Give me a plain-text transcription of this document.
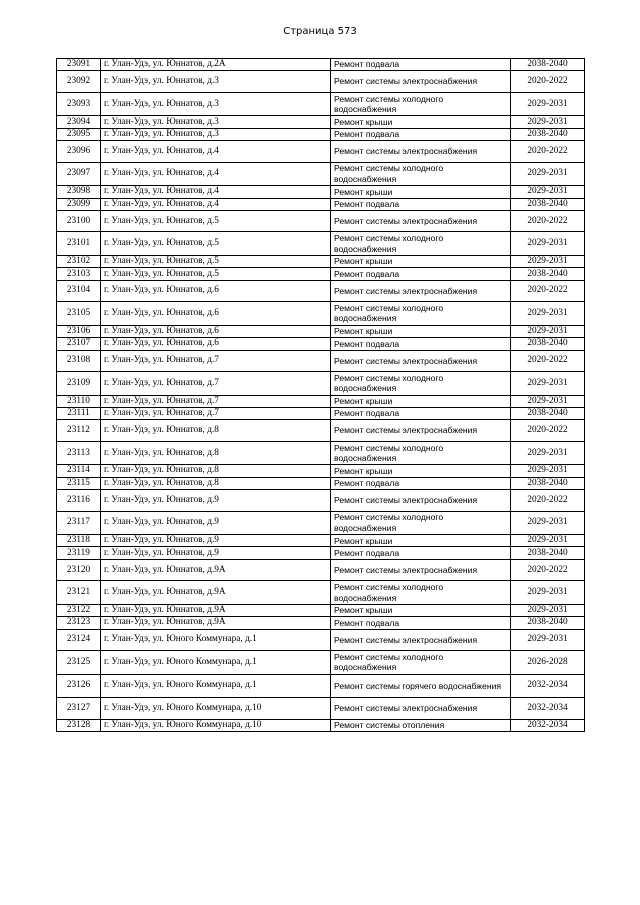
Страница 573
23091	г. Улан-Удэ, ул. Юннатов, д.2А	Ремонт подвала	2038-2040
23092	г. Улан-Удэ, ул. Юннатов, д.3	Ремонт системы электроснабжения	2020-2022
23093	г. Улан-Удэ, ул. Юннатов, д.3	Ремонт системы холодного водоснабжения	2029-2031
23094	г. Улан-Удэ, ул. Юннатов, д.3	Ремонт крыши	2029-2031
23095	г. Улан-Удэ, ул. Юннатов, д.3	Ремонт подвала	2038-2040
23096	г. Улан-Удэ, ул. Юннатов, д.4	Ремонт системы электроснабжения	2020-2022
23097	г. Улан-Удэ, ул. Юннатов, д.4	Ремонт системы холодного водоснабжения	2029-2031
23098	г. Улан-Удэ, ул. Юннатов, д.4	Ремонт крыши	2029-2031
23099	г. Улан-Удэ, ул. Юннатов, д.4	Ремонт подвала	2038-2040
23100	г. Улан-Удэ, ул. Юннатов, д.5	Ремонт системы электроснабжения	2020-2022
23101	г. Улан-Удэ, ул. Юннатов, д.5	Ремонт системы холодного водоснабжения	2029-2031
23102	г. Улан-Удэ, ул. Юннатов, д.5	Ремонт крыши	2029-2031
23103	г. Улан-Удэ, ул. Юннатов, д.5	Ремонт подвала	2038-2040
23104	г. Улан-Удэ, ул. Юннатов, д.6	Ремонт системы электроснабжения	2020-2022
23105	г. Улан-Удэ, ул. Юннатов, д.6	Ремонт системы холодного водоснабжения	2029-2031
23106	г. Улан-Удэ, ул. Юннатов, д.6	Ремонт крыши	2029-2031
23107	г. Улан-Удэ, ул. Юннатов, д.6	Ремонт подвала	2038-2040
23108	г. Улан-Удэ, ул. Юннатов, д.7	Ремонт системы электроснабжения	2020-2022
23109	г. Улан-Удэ, ул. Юннатов, д.7	Ремонт системы холодного водоснабжения	2029-2031
23110	г. Улан-Удэ, ул. Юннатов, д.7	Ремонт крыши	2029-2031
23111	г. Улан-Удэ, ул. Юннатов, д.7	Ремонт подвала	2038-2040
23112	г. Улан-Удэ, ул. Юннатов, д.8	Ремонт системы электроснабжения	2020-2022
23113	г. Улан-Удэ, ул. Юннатов, д.8	Ремонт системы холодного водоснабжения	2029-2031
23114	г. Улан-Удэ, ул. Юннатов, д.8	Ремонт крыши	2029-2031
23115	г. Улан-Удэ, ул. Юннатов, д.8	Ремонт подвала	2038-2040
23116	г. Улан-Удэ, ул. Юннатов, д.9	Ремонт системы электроснабжения	2020-2022
23117	г. Улан-Удэ, ул. Юннатов, д.9	Ремонт системы холодного водоснабжения	2029-2031
23118	г. Улан-Удэ, ул. Юннатов, д.9	Ремонт крыши	2029-2031
23119	г. Улан-Удэ, ул. Юннатов, д.9	Ремонт подвала	2038-2040
23120	г. Улан-Удэ, ул. Юннатов, д.9А	Ремонт системы электроснабжения	2020-2022
23121	г. Улан-Удэ, ул. Юннатов, д.9А	Ремонт системы холодного водоснабжения	2029-2031
23122	г. Улан-Удэ, ул. Юннатов, д.9А	Ремонт крыши	2029-2031
23123	г. Улан-Удэ, ул. Юннатов, д.9А	Ремонт подвала	2038-2040
23124	г. Улан-Удэ, ул. Юного Коммунара, д.1	Ремонт системы электроснабжения	2029-2031
23125	г. Улан-Удэ, ул. Юного Коммунара, д.1	Ремонт системы холодного водоснабжения	2026-2028
23126	г. Улан-Удэ, ул. Юного Коммунара, д.1	Ремонт системы горячего водоснабжения	2032-2034
23127	г. Улан-Удэ, ул. Юного Коммунара, д.10	Ремонт системы электроснабжения	2032-2034
23128	г. Улан-Удэ, ул. Юного Коммунара, д.10	Ремонт системы отопления	2032-2034
